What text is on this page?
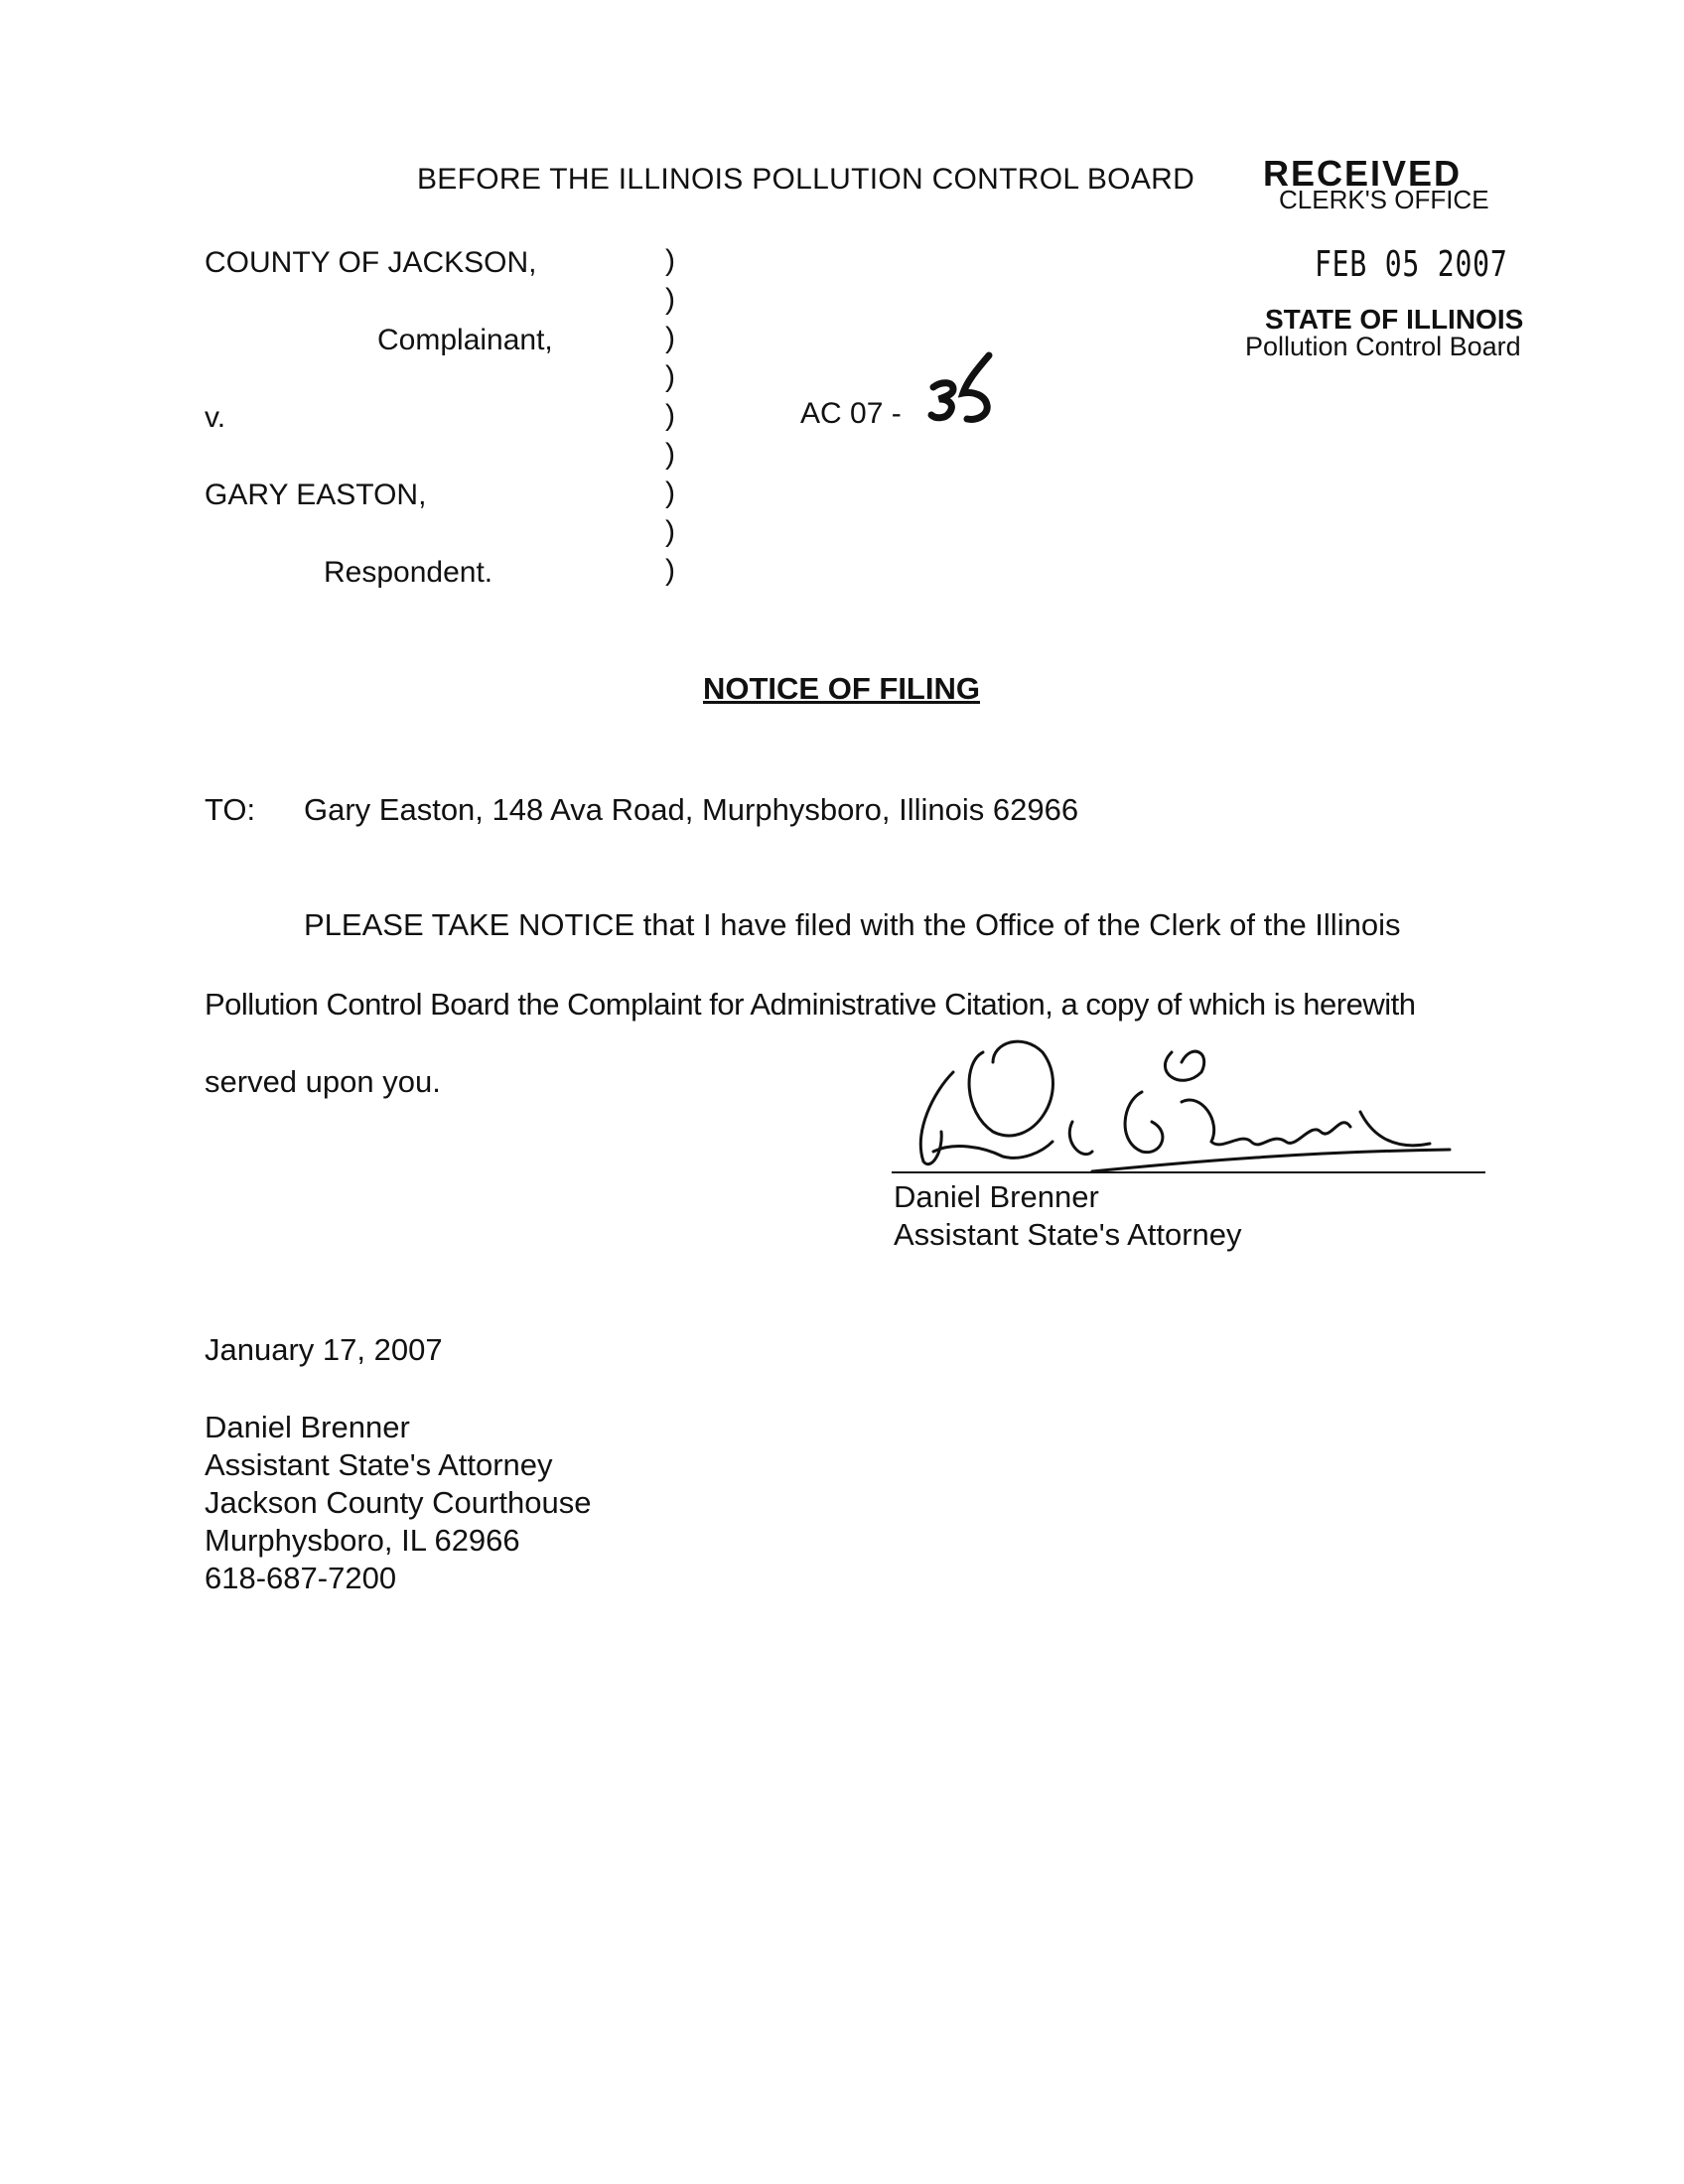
BEFORE THE ILLINOIS POLLUTION CONTROL BOARD RECEIVED
CLERK'S OFFICE
FEB 05 2007
STATE OF ILLINOIS
Pollution Control Board
COUNTY OF JACKSON,
Complainant,
v.
GARY EASTON,
Respondent.
)
)
)
)
)
)
)
)
)
AC 07 -
NOTICE OF FILING
TO: Gary Easton, 148 Ava Road, Murphysboro, Illinois 62966
PLEASE TAKE NOTICE that I have filed with the Office of the Clerk of the Illinois
Pollution Control Board the Complaint for Administrative Citation, a copy of which is herewith
served upon you.
Daniel Brenner
Assistant State's Attorney
January 17, 2007
Daniel Brenner
Assistant State's Attorney
Jackson County Courthouse
Murphysboro, IL 62966
618-687-7200
